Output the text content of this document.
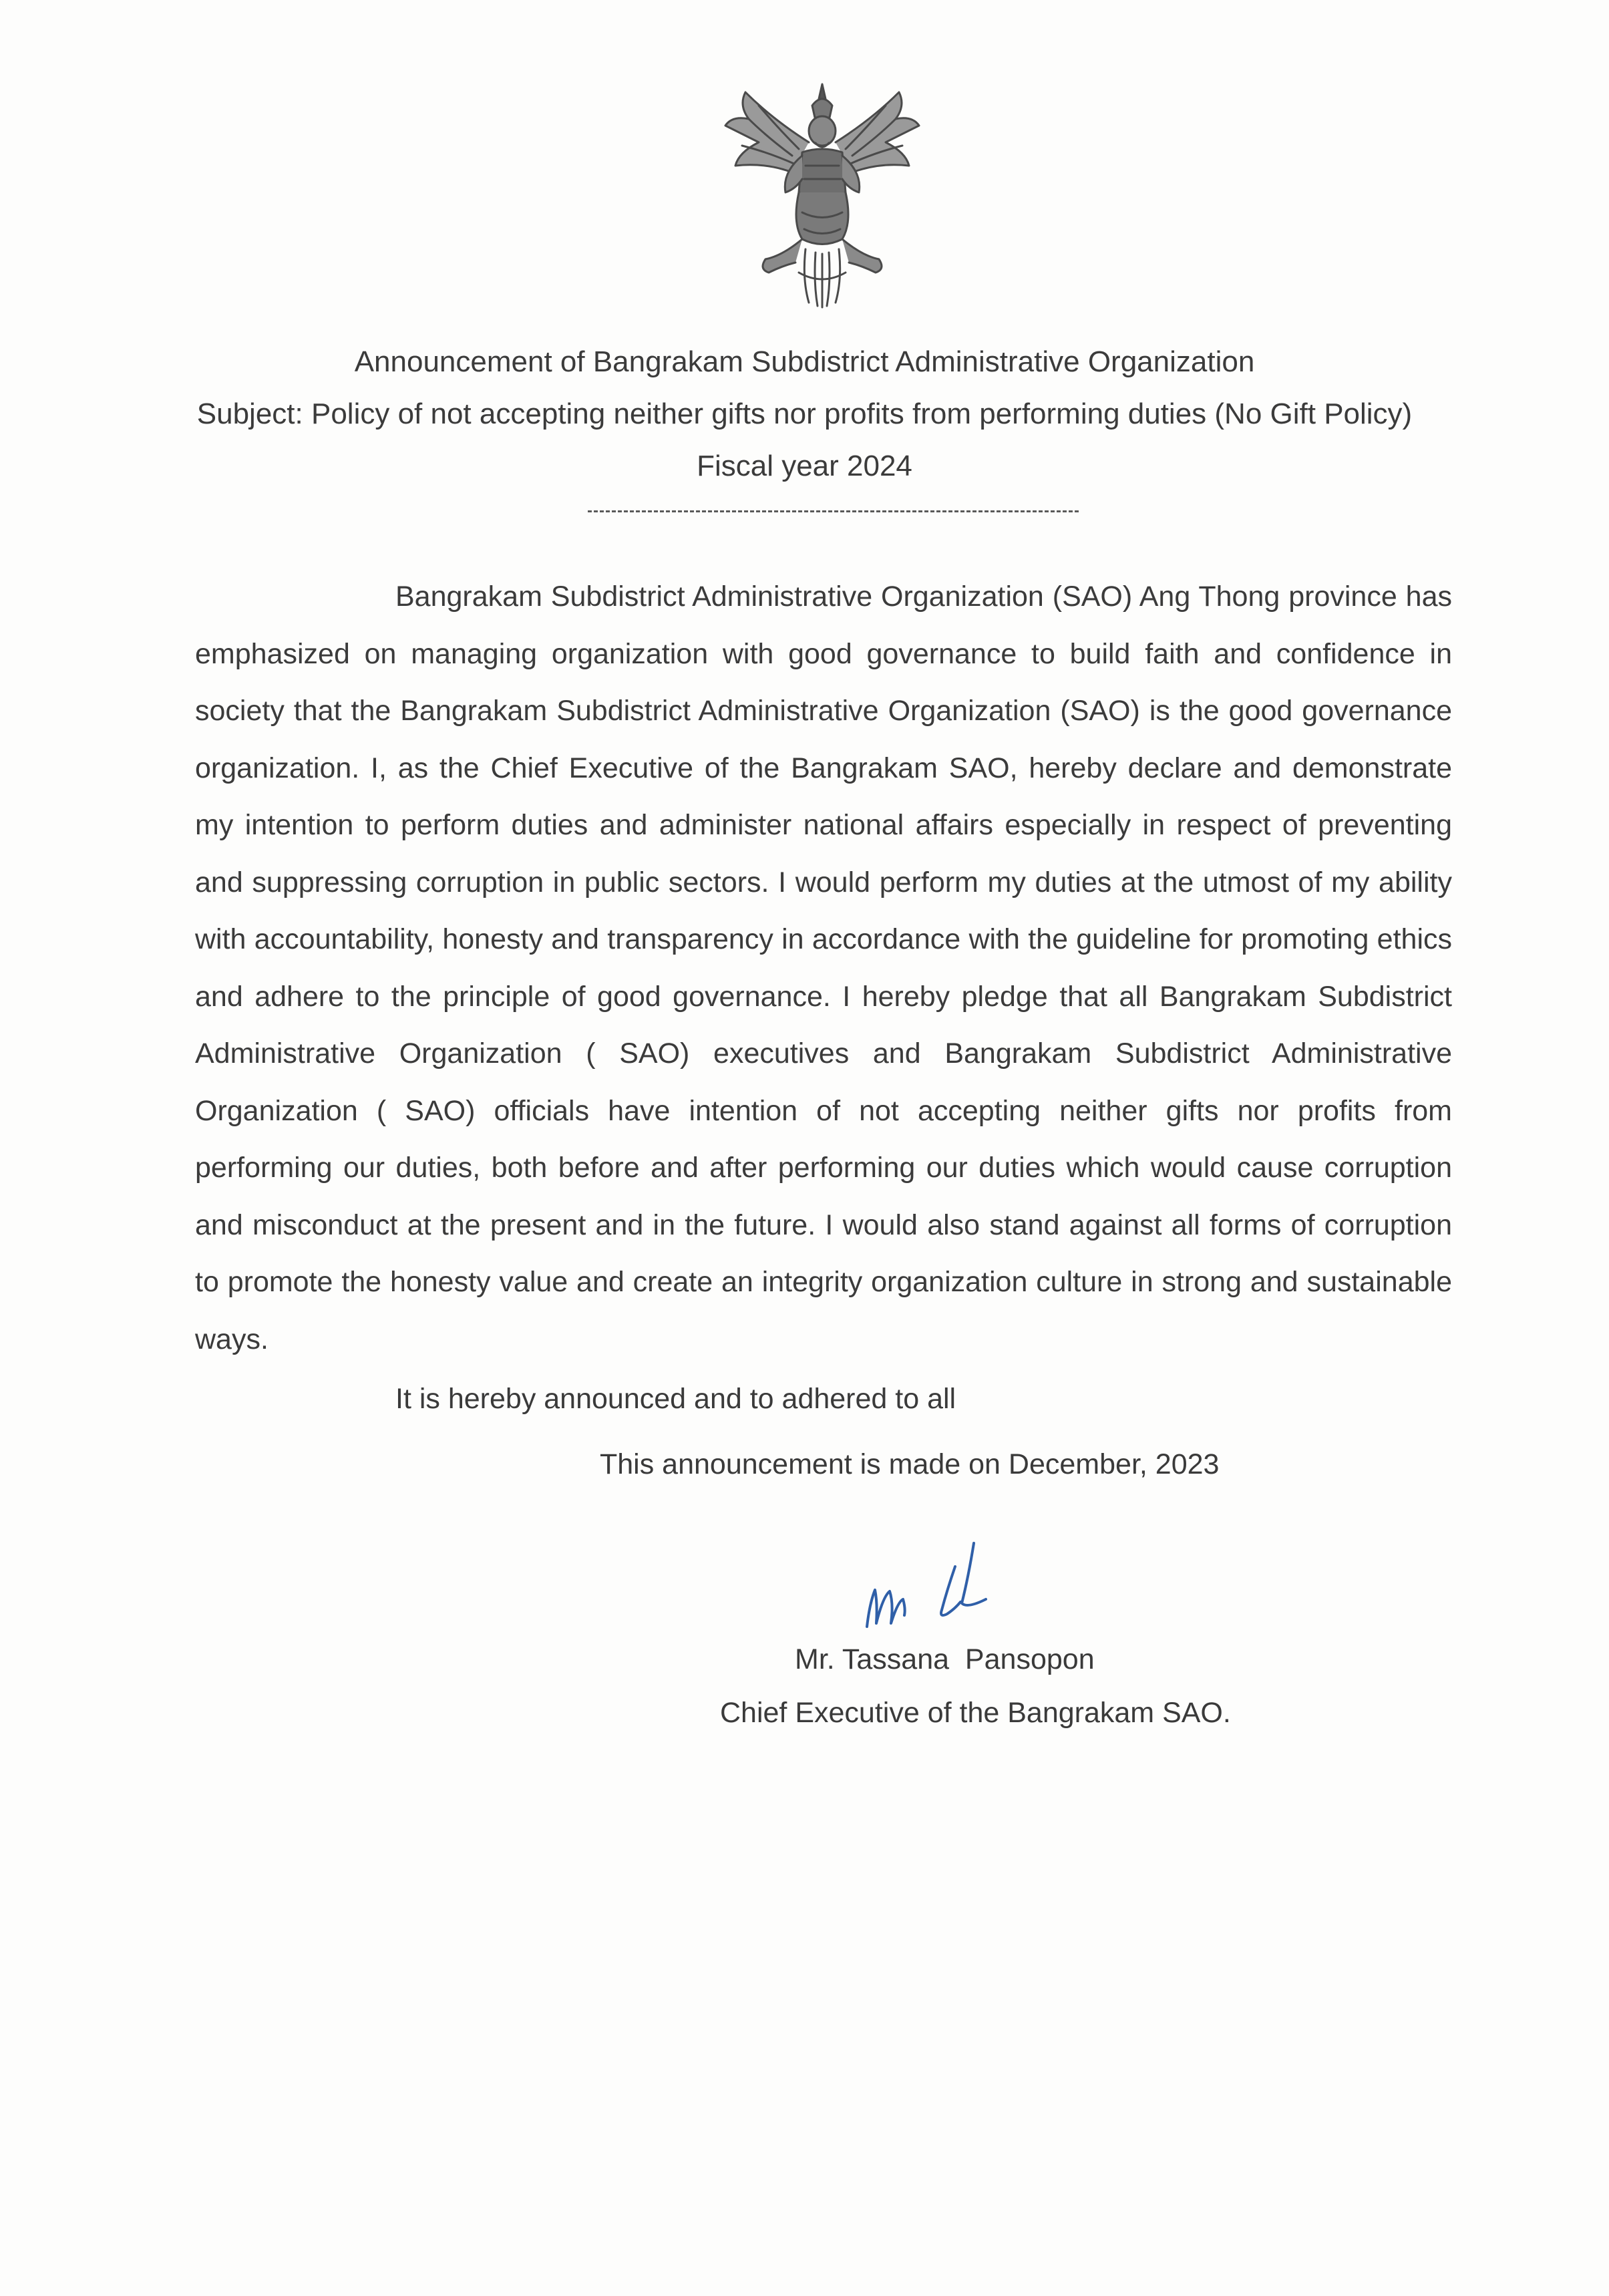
Announcement of Bangrakam Subdistrict Administrative Organization
Subject: Policy of not accepting neither gifts nor profits from performing duties (No Gift Policy)
Fiscal year 2024

Bangrakam Subdistrict Administrative Organization (SAO) Ang Thong province has emphasized on managing organization with good governance to build faith and confidence in society that the Bangrakam Subdistrict Administrative Organization (SAO) is the good governance organization. I, as the Chief Executive of the Bangrakam SAO, hereby declare and demonstrate my intention to perform duties and administer national affairs especially in respect of preventing and suppressing corruption in public sectors. I would perform my duties at the utmost of my ability with accountability, honesty and transparency in accordance with the guideline for promoting ethics and adhere to the principle of good governance. I hereby pledge that all Bangrakam Subdistrict Administrative Organization ( SAO) executives and Bangrakam Subdistrict Administrative Organization ( SAO) officials have intention of not accepting neither gifts nor profits from performing our duties, both before and after performing our duties which would cause corruption and misconduct at the present and in the future. I would also stand against all forms of corruption to promote the honesty value and create an integrity organization culture in strong and sustainable ways.

It is hereby announced and to adhered to all
This announcement is made on December, 2023
Mr. Tassana  Pansopon
Chief Executive of the Bangrakam SAO.
